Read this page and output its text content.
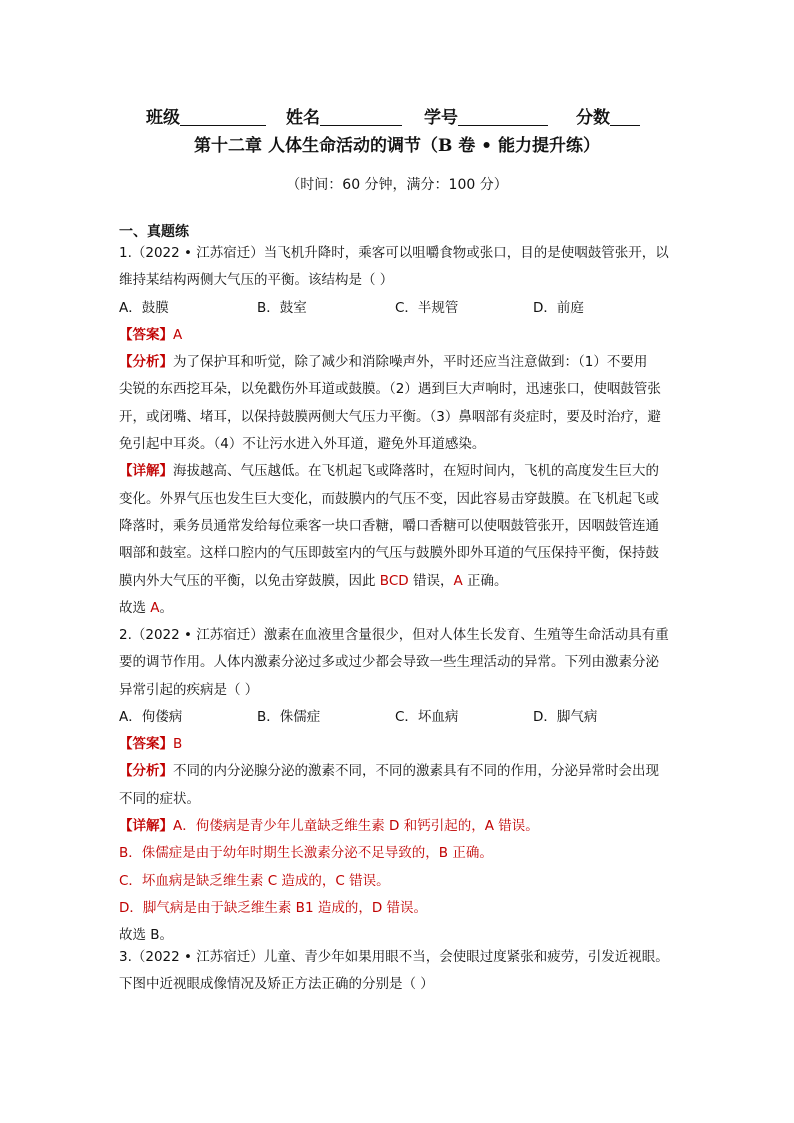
班级	姓名	学号	分数
第十二章 人体生命活动的调节（B 卷 • 能力提升练）
（时间：60 分钟，满分：100 分）
一、真题练
1.（2022 • 江苏宿迁）当飞机升降时，乘客可以咀嚼食物或张口，目的是使咽鼓管张开，以
维持某结构两侧大气压的平衡。该结构是（ ）
A．鼓膜	B．鼓室	C．半规管	D．前庭
【答案】A
【分析】为了保护耳和听觉，除了减少和消除噪声外，平时还应当注意做到：（1）不要用
尖锐的东西挖耳朵，以免戳伤外耳道或鼓膜。（2）遇到巨大声响时，迅速张口，使咽鼓管张
开，或闭嘴、堵耳，以保持鼓膜两侧大气压力平衡。（3）鼻咽部有炎症时，要及时治疗，避
免引起中耳炎。（4）不让污水进入外耳道，避免外耳道感染。
【详解】海拔越高、气压越低。在飞机起飞或降落时，在短时间内，飞机的高度发生巨大的
变化。外界气压也发生巨大变化，而鼓膜内的气压不变，因此容易击穿鼓膜。在飞机起飞或
降落时，乘务员通常发给每位乘客一块口香糖，嚼口香糖可以使咽鼓管张开，因咽鼓管连通
咽部和鼓室。这样口腔内的气压即鼓室内的气压与鼓膜外即外耳道的气压保持平衡，保持鼓
膜内外大气压的平衡，以免击穿鼓膜，因此 BCD 错误，A 正确。
故选 A。
2.（2022 • 江苏宿迁）激素在血液里含量很少，但对人体生长发育、生殖等生命活动具有重
要的调节作用。人体内激素分泌过多或过少都会导致一些生理活动的异常。下列由激素分泌
异常引起的疾病是（ ）
A．佝偻病	B．侏儒症	C．坏血病	D．脚气病
【答案】B
【分析】不同的内分泌腺分泌的激素不同，不同的激素具有不同的作用，分泌异常时会出现
不同的症状。
【详解】A．佝偻病是青少年儿童缺乏维生素 D 和钙引起的，A 错误。
B．侏儒症是由于幼年时期生长激素分泌不足导致的，B 正确。
C．坏血病是缺乏维生素 C 造成的，C 错误。
D．脚气病是由于缺乏维生素 B1 造成的，D 错误。
故选 B。
3.（2022 • 江苏宿迁）儿童、青少年如果用眼不当，会使眼过度紧张和疲劳，引发近视眼。
下图中近视眼成像情况及矫正方法正确的分别是（ ）
